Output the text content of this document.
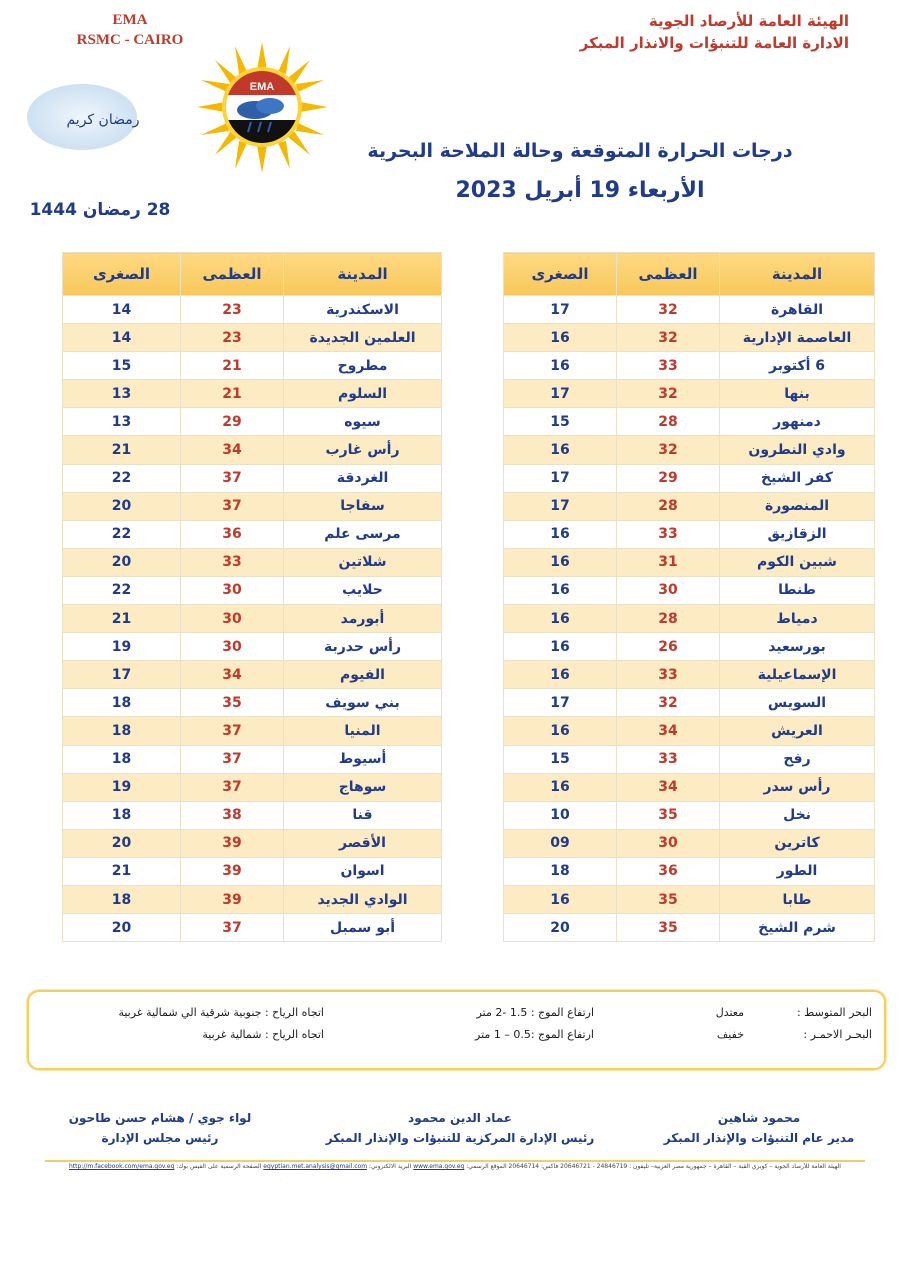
EMA
RSMC - CAIRO
الهيئة العامة للأرصاد الجوية
الادارة العامة للتنبؤات والانذار المبكر
رمضان كريم
EMA
درجات الحرارة المتوقعة وحالة الملاحة البحرية
الأربعاء 19 أبريل 2023
28 رمضان 1444
المدينة	العظمى	الصغرى
القاهرة	32	17
العاصمة الإدارية	32	16
6 أكتوبر	33	16
بنها	32	17
دمنهور	28	15
وادي النطرون	32	16
كفر الشيخ	29	17
المنصورة	28	17
الزقازيق	33	16
شبين الكوم	31	16
طنطا	30	16
دمياط	28	16
بورسعيد	26	16
الإسماعيلية	33	16
السويس	32	17
العريش	34	16
رفح	33	15
رأس سدر	34	16
نخل	35	10
كاترين	30	09
الطور	36	18
طابا	35	16
شرم الشيخ	35	20
المدينة	العظمى	الصغرى
الاسكندرية	23	14
العلمين الجديدة	23	14
مطروح	21	15
السلوم	21	13
سيوه	29	13
رأس غارب	34	21
الغردقة	37	22
سفاجا	37	20
مرسى علم	36	22
شلاتين	33	20
حلايب	30	22
أبورمد	30	21
رأس حدربة	30	19
الفيوم	34	17
بني سويف	35	18
المنيا	37	18
أسيوط	37	18
سوهاج	37	19
قنا	38	18
الأقصر	39	20
اسوان	39	21
الوادي الجديد	39	18
أبو سمبل	37	20
البحر المتوسط :
معتدل
ارتفاع الموج : 1.5 -2 متر
اتجاه الرياح : جنوبية شرقية الي شمالية غربية
البحـر الاحمـر :
خفيف
ارتفاع الموج :0.5 – 1 متر
اتجاه الرياح : شمالية غربية
محمود شاهين
مدير عام التنبؤات والإنذار المبكر
عماد الدين محمود
رئيس الإدارة المركزية للتنبؤات والإنذار المبكر
لواء جوي / هشام حسن طاحون
رئيس مجلس الإدارة
الهيئة العامة للأرصاد الجوية – كوبري القبة – القاهرة – جمهورية مصر العربية– تليفون : 24846719 - 20646721 فاكس: 20646714 الموقع الرسمي: www.ema.gov.eg البريد الالكتروني: egyptian.met.analysis@gmail.com الصفحة الرسمية على الفيس بوك: http://m.facebook.com/ema.gov.eg
